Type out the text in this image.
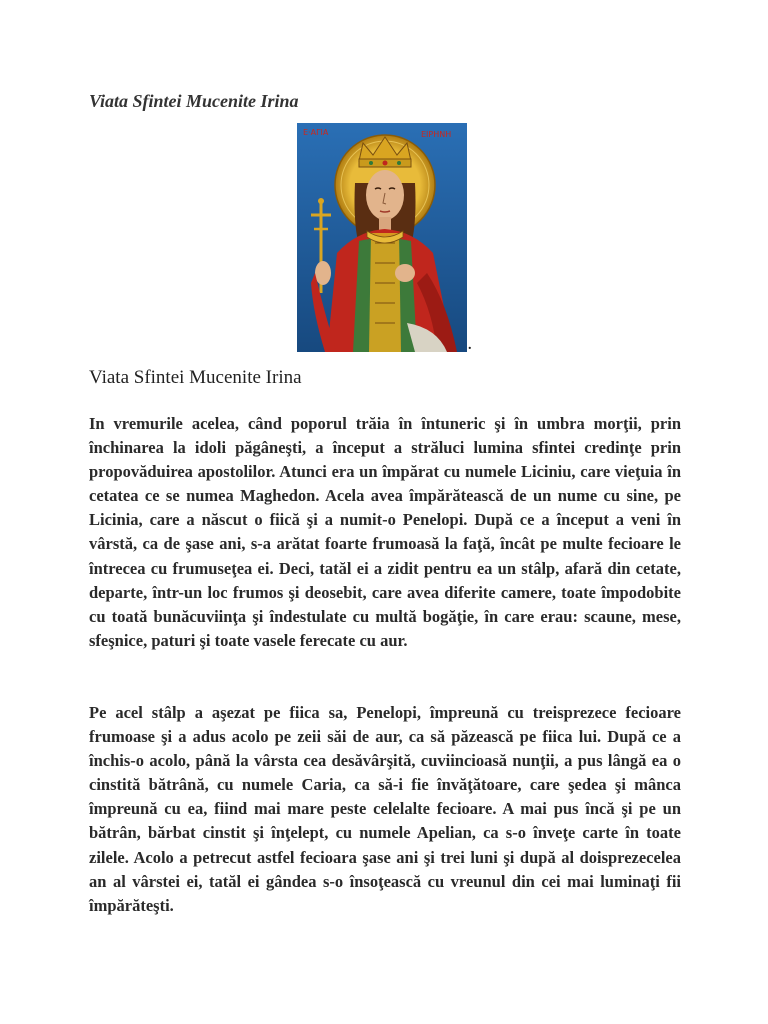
Viata Sfintei Mucenite Irina
Ε·ΑΓΙΑ	ΕΙΡΗΝΗ
.
Viata Sfintei Mucenite Irina

In vremurile acelea, când poporul trăia în întuneric şi în umbra morţii, prin închinarea la idoli păgâneşti, a început a străluci lumina sfintei credinţe prin propovăduirea apostolilor. Atunci era un împărat cu numele Liciniu, care vieţuia în cetatea ce se numea Maghedon. Acela avea împărătească de un nume cu sine, pe Licinia, care a născut o fiică şi a numit-o Penelopi. După ce a început a veni în vârstă, ca de şase ani, s-a arătat foarte frumoasă la faţă, încât pe multe fecioare le întrecea cu frumuseţea ei. Deci, tatăl ei a zidit pentru ea un stâlp, afară din cetate, departe, într-un loc frumos şi deosebit, care avea diferite camere, toate împodobite cu toată bunăcuviinţa şi îndestulate cu multă bogăţie, în care erau: scaune, mese, sfeşnice, paturi şi toate vasele ferecate cu aur.

Pe acel stâlp a aşezat pe fiica sa, Penelopi, împreună cu treisprezece fecioare frumoase şi a adus acolo pe zeii săi de aur, ca să păzească pe fiica lui. După ce a închis-o acolo, până la vârsta cea desăvârşită, cuviincioasă nunţii, a pus lângă ea o cinstită bătrână, cu numele Caria, ca să-i fie învăţătoare, care şedea şi mânca împreună cu ea, fiind mai mare peste celelalte fecioare. A mai pus încă şi pe un bătrân, bărbat cinstit şi înţelept, cu numele Apelian, ca s-o înveţe carte în toate zilele. Acolo a petrecut astfel fecioara şase ani şi trei luni şi după al doisprezecelea an al vârstei ei, tatăl ei gândea s-o însoţească cu vreunul din cei mai luminaţi fii împărăteşti.
